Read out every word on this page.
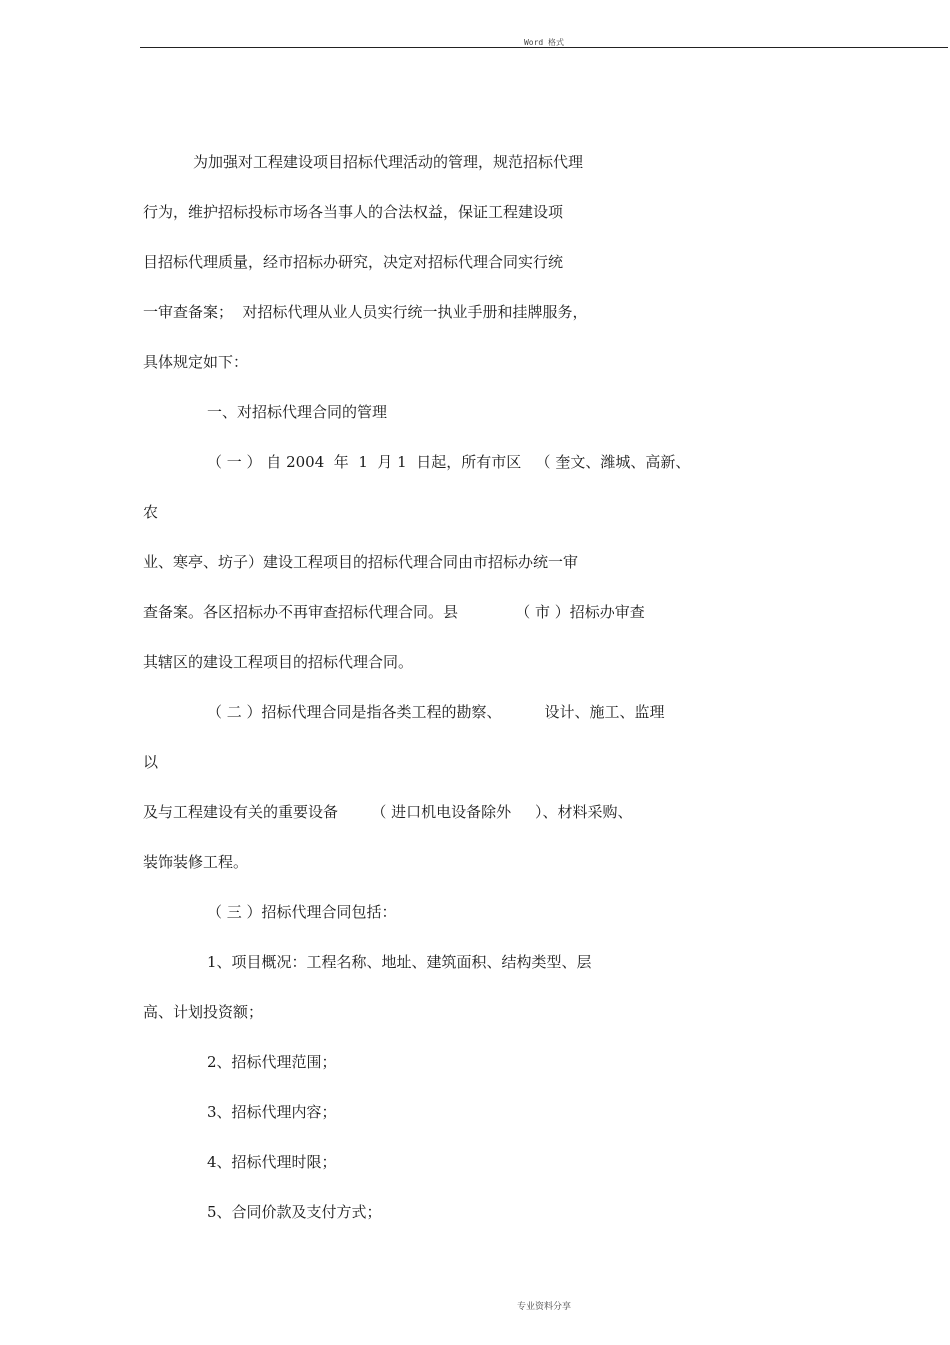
Word 格式
为加强对工程建设项目招标代理活动的管理，规范招标代理
行为，维护招标投标市场各当事人的合法权益，保证工程建设项
目招标代理质量，经市招标办研究，决定对招标代理合同实行统
一审查备案；  对招标代理从业人员实行统一执业手册和挂牌服务，
具体规定如下：
一、对招标代理合同的管理
（ 一 ） 自 2004  年  1  月 1  日起，所有市区   （ 奎文、潍城、高新、
农
业、寒亭、坊子）建设工程项目的招标代理合同由市招标办统一审
查备案。各区招标办不再审查招标代理合同。县            （ 市 ）招标办审查
其辖区的建设工程项目的招标代理合同。
（ 二 ）招标代理合同是指各类工程的勘察、         设计、施工、监理
以
及与工程建设有关的重要设备       （ 进口机电设备除外     ）、材料采购、
装饰装修工程。
（ 三 ）招标代理合同包括：
1、项目概况：工程名称、地址、建筑面积、结构类型、层
高、计划投资额；
2、招标代理范围；
3、招标代理内容；
4、招标代理时限；
5、合同价款及支付方式；
专业资料分享
